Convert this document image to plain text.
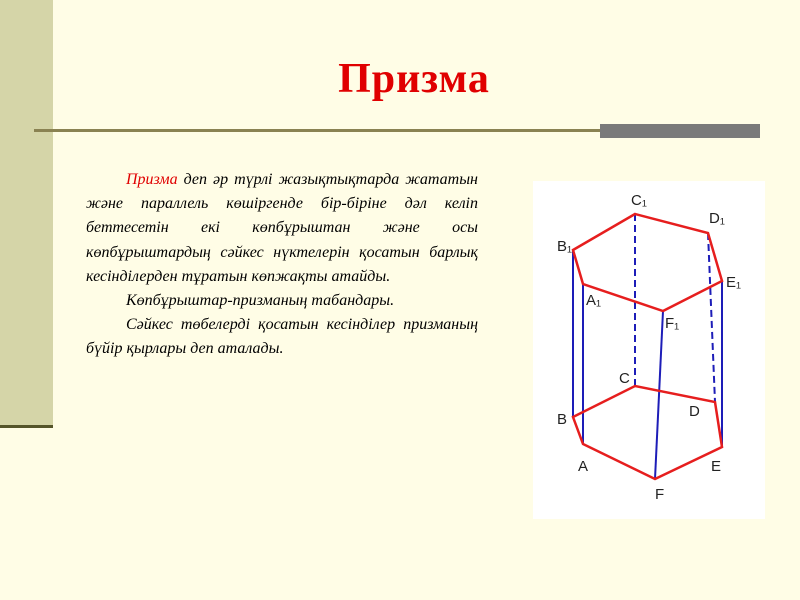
Призма

Призма деп әр түрлі жазықтықтарда жататын және параллель көшіргенде бір-біріне дәл келіп беттесетін екі көпбұрыштан және осы көпбұрыштардың сәйкес нүктелерін қосатын барлық кесінділерден тұратын көпжақты атайды.

Көпбұрыштар-призманың табандары.

Сәйкес төбелерді қосатын кесінділер призманың бүйір қырлары деп аталады.

B₁
C₁
D₁
E₁
A₁
F₁
B
C
D
E
A
F
